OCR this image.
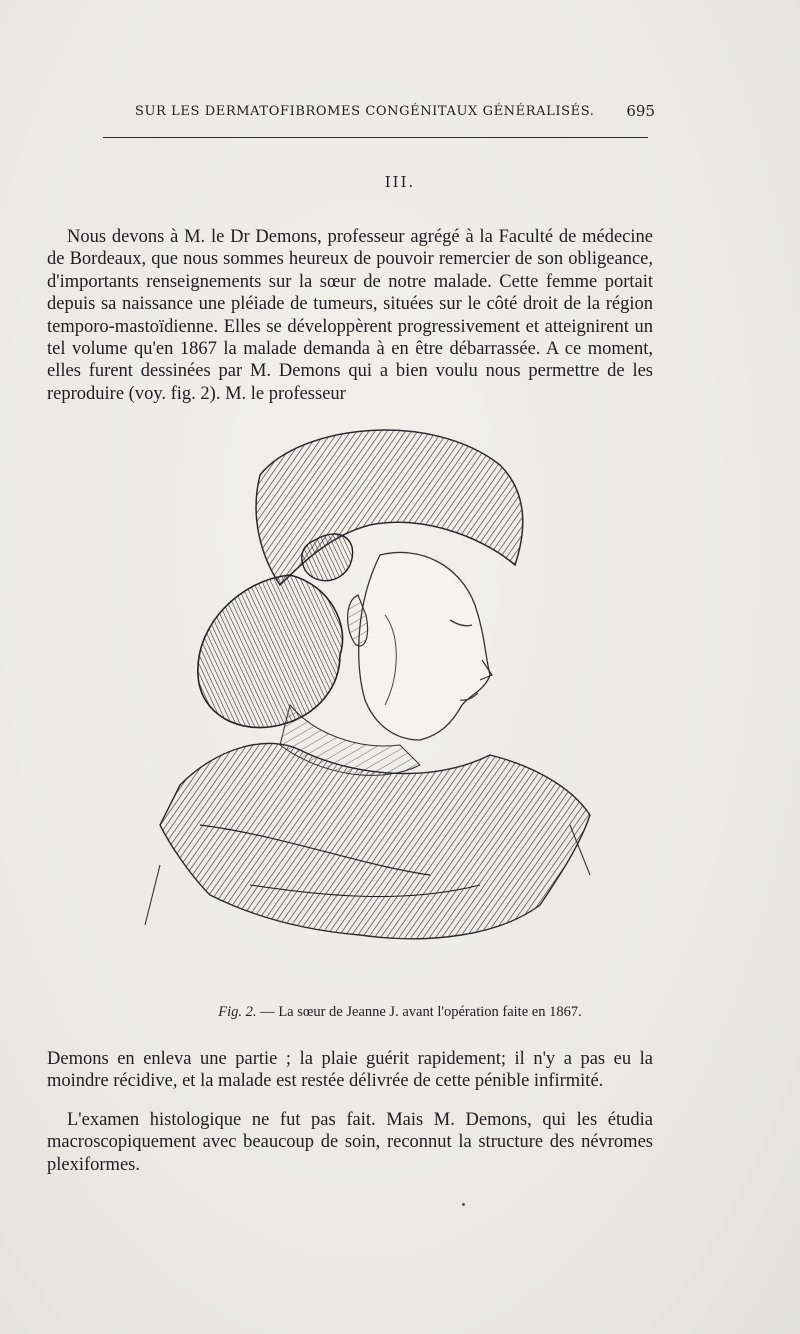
SUR LES DERMATOFIBROMES CONGÉNITAUX GÉNÉRALISÉS. 695
III.
Nous devons à M. le Dr Demons, professeur agrégé à la Faculté de médecine de Bordeaux, que nous sommes heureux de pouvoir remercier de son obligeance, d'importants renseignements sur la sœur de notre malade. Cette femme portait depuis sa naissance une pléiade de tumeurs, situées sur le côté droit de la région temporo-mastoïdienne. Elles se développèrent progressivement et atteignirent un tel volume qu'en 1867 la malade demanda à en être débarrassée. A ce moment, elles furent dessinées par M. Demons qui a bien voulu nous permettre de les reproduire (voy. fig. 2). M. le professeur
Fig. 2. — La sœur de Jeanne J. avant l'opération faite en 1867.
Demons en enleva une partie ; la plaie guérit rapidement; il n'y a pas eu la moindre récidive, et la malade est restée délivrée de cette pénible infirmité.
L'examen histologique ne fut pas fait. Mais M. Demons, qui les étudia macroscopiquement avec beaucoup de soin, reconnut la structure des névromes plexiformes.
